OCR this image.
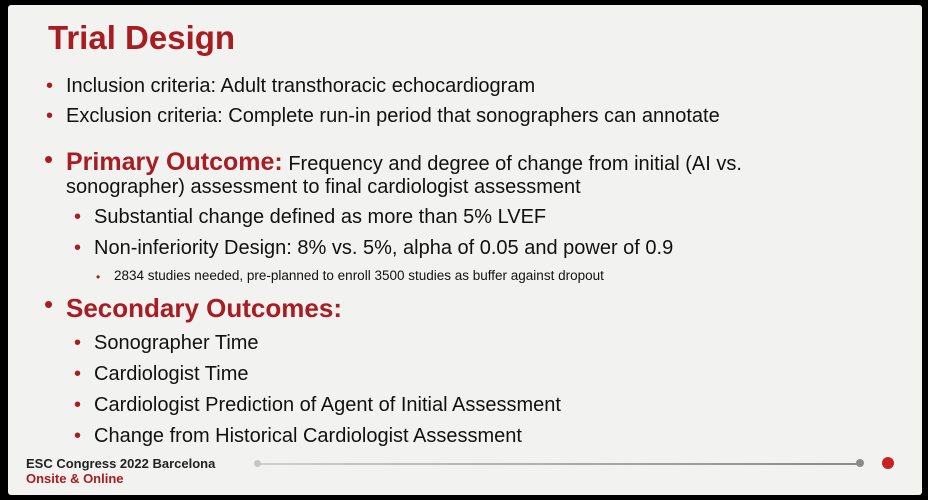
Trial Design
• Inclusion criteria: Adult transthoracic echocardiogram
• Exclusion criteria: Complete run-in period that sonographers can annotate
• Primary Outcome: Frequency and degree of change from initial (AI vs.
sonographer) assessment to final cardiologist assessment
• Substantial change defined as more than 5% LVEF
• Non-inferiority Design: 8% vs. 5%, alpha of 0.05 and power of 0.9
• 2834 studies needed, pre-planned to enroll 3500 studies as buffer against dropout
• Secondary Outcomes:
• Sonographer Time
• Cardiologist Time
• Cardiologist Prediction of Agent of Initial Assessment
• Change from Historical Cardiologist Assessment
ESC Congress 2022 Barcelona
Onsite & Online
